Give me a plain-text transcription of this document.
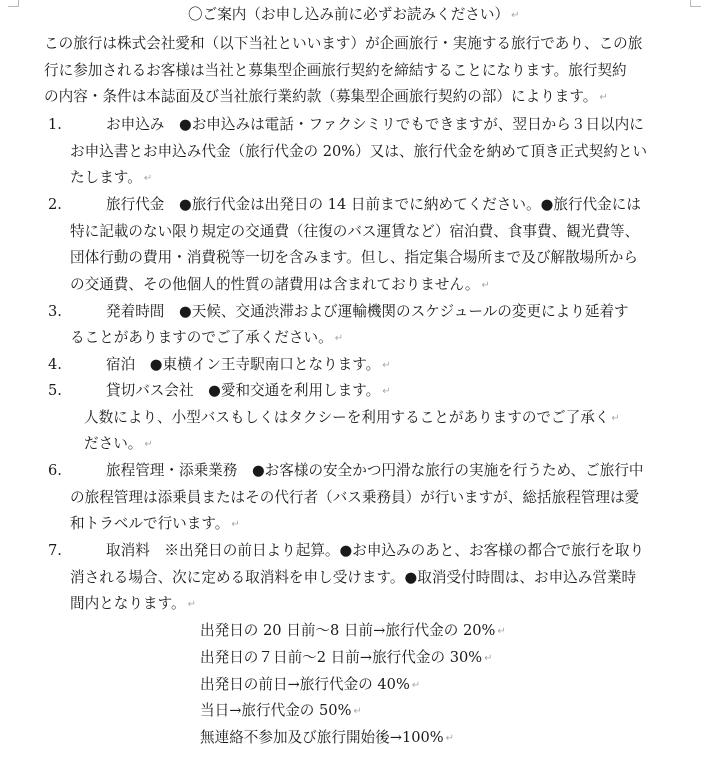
〇ご案内（お申し込み前に必ずお読みください） ↵
この旅行は株式会社愛和（以下当社といいます）が企画旅行・実施する旅行であり、この旅
行に参加されるお客様は当社と募集型企画旅行契約を締結することになります。旅行契約
の内容・条件は本誌面及び当社旅行業約款（募集型企画旅行契約の部）によります。 ↵
1.	お申込み　●お申込みは電話・ファクシミリでもできますが、翌日から３日以内に
お申込書とお申込み代金（旅行代金の 20%）又は、旅行代金を納めて頂き正式契約とい
たします。 ↵
2.	旅行代金　●旅行代金は出発日の 14 日前までに納めてください。●旅行代金には
特に記載のない限り規定の交通費（往復のバス運賃など）宿泊費、食事費、観光費等、
団体行動の費用・消費税等一切を含みます。但し、指定集合場所まで及び解散場所から
の交通費、その他個人的性質の諸費用は含まれておりません。 ↵
3.	発着時間　●天候、交通渋滞および運輸機関のスケジュールの変更により延着す
ることがありますのでご了承ください。 ↵
4.	宿泊　●東横イン王寺駅南口となります。 ↵
5.	貸切バス会社　●愛和交通を利用します。 ↵
人数により、小型バスもしくはタクシーを利用することがありますのでご了承く ↵
ださい。 ↵
6.	旅程管理・添乗業務　●お客様の安全かつ円滑な旅行の実施を行うため、ご旅行中
の旅程管理は添乗員またはその代行者（バス乗務員）が行いますが、総括旅程管理は愛
和トラベルで行います。 ↵
7.	取消料　※出発日の前日より起算。●お申込みのあと、お客様の都合で旅行を取り
消される場合、次に定める取消料を申し受けます。●取消受付時間は、お申込み営業時
間内となります。 ↵
出発日の 20 日前～8 日前→旅行代金の 20% ↵
出発日の７日前～2 日前→旅行代金の 30% ↵
出発日の前日→旅行代金の 40% ↵
当日→旅行代金の 50% ↵
無連絡不参加及び旅行開始後→100% ↵
